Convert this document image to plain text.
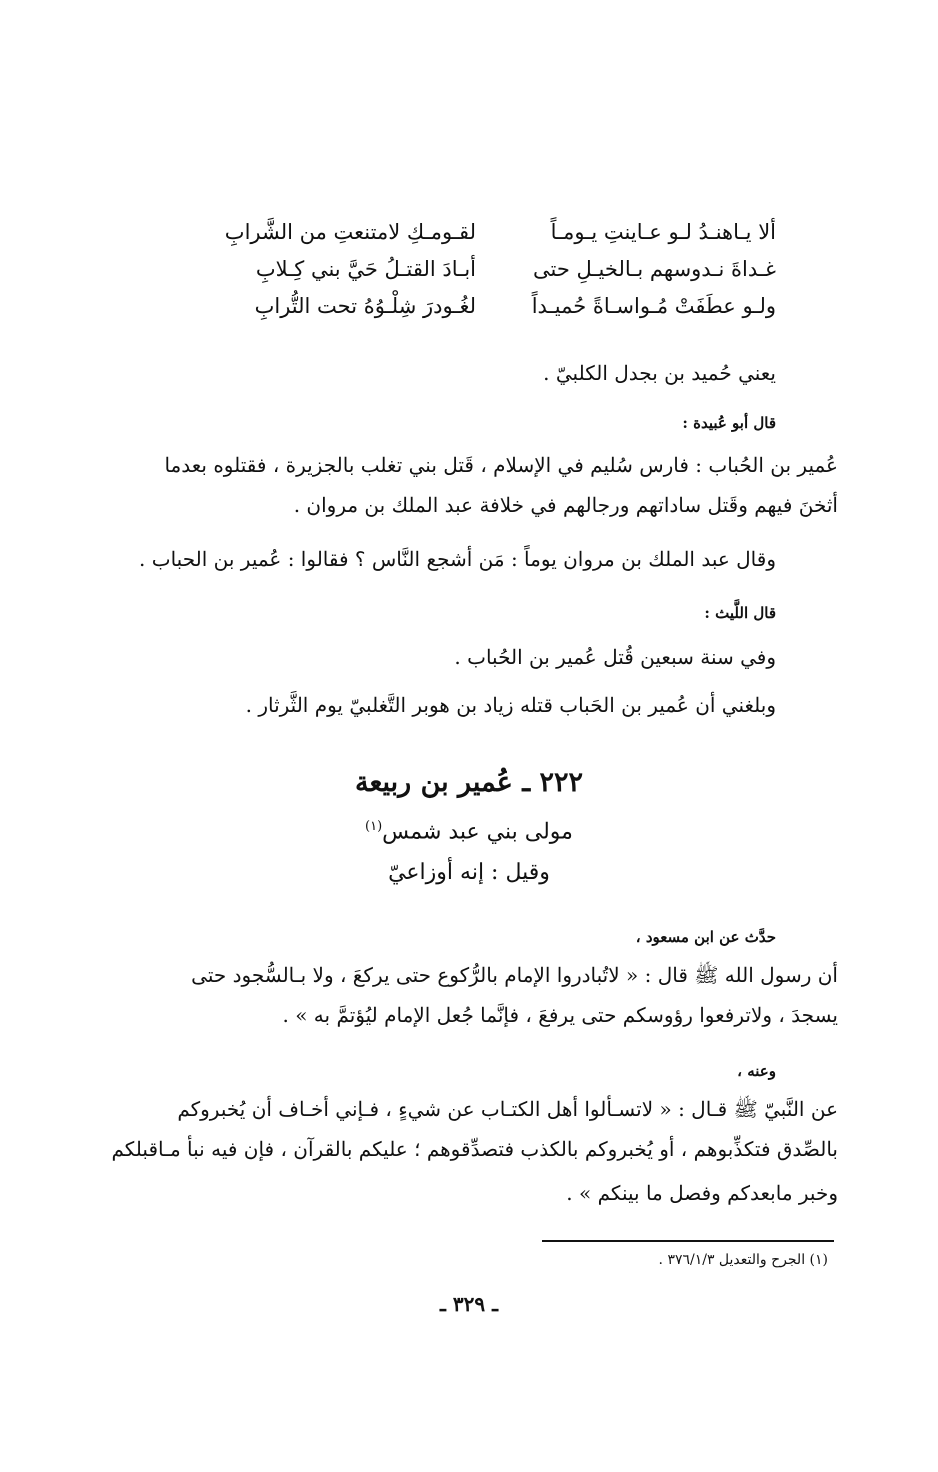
ألا يـاهنـدُ لـو عـاينتِ يـومـاً
لقـومـكِ لامتنعتِ من الشَّرابِ
غـداةَ نـدوسهم بـالخيـلِ حتى
أبـادَ القتـلُ حَيَّ بني كِـلابِ
ولـو عطَفَتْ مُـواسـاةً حُميـداً
لغُـودرَ شِلْـوُهُ تحت التُّرابِ
يعني حُميد بن بجدل الكلبيّ .
قال أبو عُبيدة :
عُمير بن الحُباب : فارس سُليم في الإسلام ، قَتل بني تغلب بالجزيرة ، فقتلوه بعدما
أثخنَ فيهم وقَتل ساداتهم ورجالهم في خلافة عبد الملك بن مروان .
وقال عبد الملك بن مروان يوماً : مَن أشجع النَّاس ؟ فقالوا : عُمير بن الحباب .
قال اللَّيث :
وفي سنة سبعين قُتل عُمير بن الحُباب .
وبلغني أن عُمير بن الحَباب قتله زياد بن هوبر التَّغلبيّ يوم الثَّرثار .
٢٢٢ ـ عُمير بن ربيعة
مولى بني عبد شمس$^{(١)}$
وقيل : إنه أوزاعيّ
حدَّث عن ابن مسعود ،
أن رسول الله ﷺ قال : « لاتُبادروا الإمام بالرُّكوع حتى يركعَ ، ولا بـالسُّجود حتى
يسجدَ ، ولاترفعوا رؤوسكم حتى يرفعَ ، فإنَّما جُعل الإمام ليُؤتمَّ به » .
وعنه ،
عن النَّبيّ ﷺ قـال : « لاتسـألوا أهل الكتـاب عن شيءٍ ، فـإني أخـاف أن يُخبروكم
بالصِّدق فتكذِّبوهم ، أو يُخبروكم بالكذب فتصدِّقوهم ؛ عليكم بالقرآن ، فإن فيه نبأ مـاقبلكم
وخبر مابعدكم وفصل ما بينكم » .
(١) الجرح والتعديل ٣٧٦/١/٣ .
ـ ٣٢٩ ـ
